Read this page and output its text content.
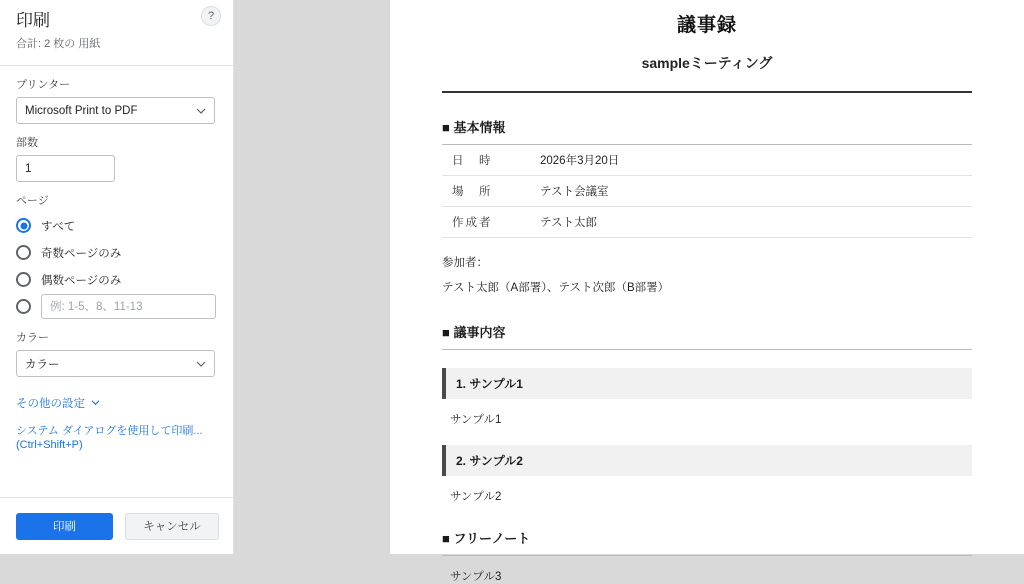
印刷
合計: 2 枚の 用紙
?
プリンター
Microsoft Print to PDF
部数
1
ページ
すべて
奇数ページのみ
偶数ページのみ
例: 1-5、8、11-13
カラー
カラー
その他の設定
システム ダイアログを使用して印刷... (Ctrl+Shift+P)
印刷	キャンセル
議事録
sampleミーティング
■ 基本情報
日　時	2026年3月20日
場　所	テスト会議室
作成者	テスト太郎
参加者：
テスト太郎（A部署）、テスト次郎（B部署）
■ 議事内容
1. サンプル1
サンプル1
2. サンプル2
サンプル2
■ フリーノート
サンプル3
